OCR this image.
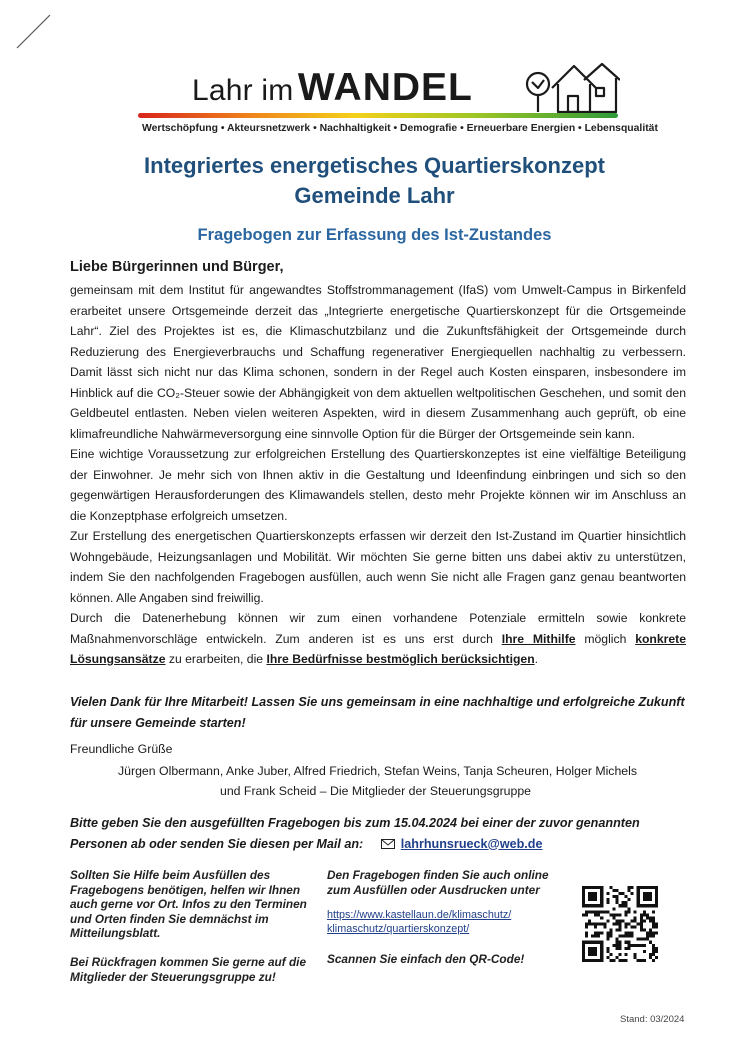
Lahr im WANDEL
Wertschöpfung • Akteursnetzwerk • Nachhaltigkeit • Demografie • Erneuerbare Energien • Lebensqualität
Integriertes energetisches Quartierskonzept
Gemeinde Lahr
Fragebogen zur Erfassung des Ist-Zustandes
Liebe Bürgerinnen und Bürger,

gemeinsam mit dem Institut für angewandtes Stoffstrommanagement (IfaS) vom Umwelt-Campus in Birkenfeld erarbeitet unsere Ortsgemeinde derzeit das „Integrierte energetische Quartierskonzept für die Ortsgemeinde Lahr“. Ziel des Projektes ist es, die Klimaschutzbilanz und die Zukunftsfähigkeit der Ortsgemeinde durch Reduzierung des Energieverbrauchs und Schaffung regenerativer Energiequellen nachhaltig zu verbessern. Damit lässt sich nicht nur das Klima schonen, sondern in der Regel auch Kosten einsparen, insbesondere im Hinblick auf die CO₂-Steuer sowie der Abhängigkeit von dem aktuellen weltpolitischen Geschehen, und somit den Geldbeutel entlasten. Neben vielen weiteren Aspekten, wird in diesem Zusammenhang auch geprüft, ob eine klimafreundliche Nahwärmeversorgung eine sinnvolle Option für die Bürger der Ortsgemeinde sein kann.

Eine wichtige Voraussetzung zur erfolgreichen Erstellung des Quartierskonzeptes ist eine vielfältige Beteiligung der Einwohner. Je mehr sich von Ihnen aktiv in die Gestaltung und Ideenfindung einbringen und sich so den gegenwärtigen Herausforderungen des Klimawandels stellen, desto mehr Projekte können wir im Anschluss an die Konzeptphase erfolgreich umsetzen.

Zur Erstellung des energetischen Quartierskonzepts erfassen wir derzeit den Ist-Zustand im Quartier hinsichtlich Wohngebäude, Heizungsanlagen und Mobilität. Wir möchten Sie gerne bitten uns dabei aktiv zu unterstützen, indem Sie den nachfolgenden Fragebogen ausfüllen, auch wenn Sie nicht alle Fragen ganz genau beantworten können. Alle Angaben sind freiwillig.

Durch die Datenerhebung können wir zum einen vorhandene Potenziale ermitteln sowie konkrete Maßnahmenvorschläge entwickeln. Zum anderen ist es uns erst durch Ihre Mithilfe möglich konkrete Lösungsansätze zu erarbeiten, die Ihre Bedürfnisse bestmöglich berücksichtigen.

Vielen Dank für Ihre Mitarbeit! Lassen Sie uns gemeinsam in eine nachhaltige und erfolgreiche Zukunft für unsere Gemeinde starten!
Freundliche Grüße
Jürgen Olbermann, Anke Juber, Alfred Friedrich, Stefan Weins, Tanja Scheuren, Holger Michels
und Frank Scheid – Die Mitglieder der Steuerungsgruppe
Bitte geben Sie den ausgefüllten Fragebogen bis zum 15.04.2024 bei einer der zuvor genannten Personen ab oder senden Sie diesen per Mail an:	lahrhunsrueck@web.de

Sollten Sie Hilfe beim Ausfüllen des Fragebogens benötigen, helfen wir Ihnen auch gerne vor Ort. Infos zu den Terminen und Orten finden Sie demnächst im Mitteilungsblatt.

Bei Rückfragen kommen Sie gerne auf die Mitglieder der Steuerungsgruppe zu!

Den Fragebogen finden Sie auch online zum Ausfüllen oder Ausdrucken unter
https://www.kastellaun.de/klimaschutz/
klimaschutz/quartierskonzept/
Scannen Sie einfach den QR-Code!
Stand: 03/2024
